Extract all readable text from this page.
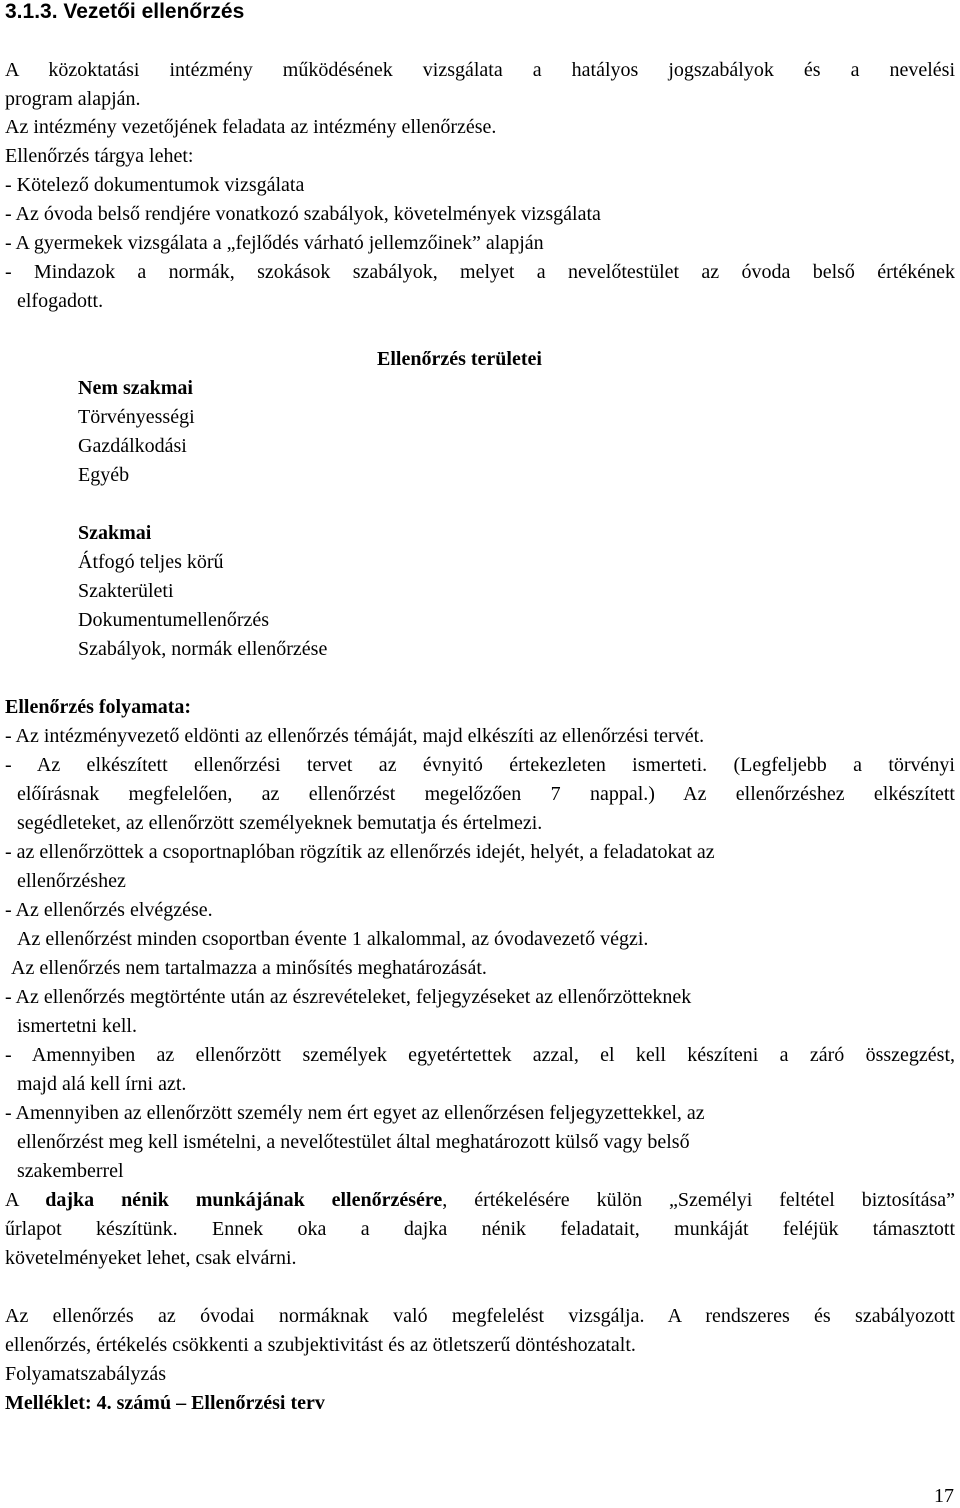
3.1.3. Vezetői ellenőrzés
A közoktatási intézmény működésének vizsgálata a hatályos jogszabályok és a nevelési
program alapján.
Az intézmény vezetőjének feladata az intézmény ellenőrzése.
Ellenőrzés tárgya lehet:
- Kötelező dokumentumok vizsgálata
- Az óvoda belső rendjére vonatkozó szabályok, követelmények vizsgálata
- A gyermekek vizsgálata a „fejlődés várható jellemzőinek” alapján
- Mindazok a normák, szokások szabályok, melyet a nevelőtestület az óvoda belső értékének
elfogadott.
Ellenőrzés területei
Nem szakmai
Törvényességi
Gazdálkodási
Egyéb
Szakmai
Átfogó teljes körű
Szakterületi
Dokumentumellenőrzés
Szabályok, normák ellenőrzése
Ellenőrzés folyamata:
- Az intézményvezető eldönti az ellenőrzés témáját, majd elkészíti az ellenőrzési tervét.
- Az elkészített ellenőrzési tervet az évnyitó értekezleten ismerteti. (Legfeljebb a törvényi
előírásnak megfelelően, az ellenőrzést megelőzően 7 nappal.) Az ellenőrzéshez elkészített
segédleteket, az ellenőrzött személyeknek bemutatja és értelmezi.
- az ellenőrzöttek a csoportnaplóban rögzítik az ellenőrzés idejét, helyét, a feladatokat az
ellenőrzéshez
- Az ellenőrzés elvégzése.
Az ellenőrzést minden csoportban évente 1 alkalommal, az óvodavezető végzi.
Az ellenőrzés nem tartalmazza a minősítés meghatározását.
- Az ellenőrzés megtörténte után az észrevételeket, feljegyzéseket az ellenőrzötteknek
ismertetni kell.
- Amennyiben az ellenőrzött személyek egyetértettek azzal, el kell készíteni a záró összegzést,
majd alá kell írni azt.
- Amennyiben az ellenőrzött személy nem ért egyet az ellenőrzésen feljegyzettekkel, az
ellenőrzést meg kell ismételni, a nevelőtestület által meghatározott külső vagy belső
szakemberrel
A dajka nénik munkájának ellenőrzésére, értékelésére külön „Személyi feltétel biztosítása”
űrlapot készítünk. Ennek oka a dajka nénik feladatait, munkáját feléjük támasztott
követelményeket lehet, csak elvárni.
Az ellenőrzés az óvodai normáknak való megfelelést vizsgálja. A rendszeres és szabályozott
ellenőrzés, értékelés csökkenti a szubjektivitást és az ötletszerű döntéshozatalt.
Folyamatszabályzás
Melléklet: 4. számú – Ellenőrzési terv
17
